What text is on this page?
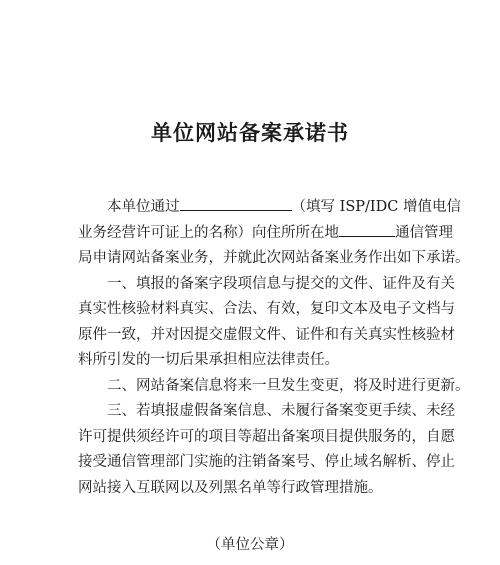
单位网站备案承诺书

本单位通过	（填写 ISP/IDC 增值电信
业务经营许可证上的名称）向住所所在地	通信管理
局申请网站备案业务，并就此次网站备案业务作出如下承诺。

一、填报的备案字段项信息与提交的文件、证件及有关
真实性核验材料真实、合法、有效，复印文本及电子文档与
原件一致，并对因提交虚假文件、证件和有关真实性核验材
料所引发的一切后果承担相应法律责任。

二、网站备案信息将来一旦发生变更，将及时进行更新。

三、若填报虚假备案信息、未履行备案变更手续、未经
许可提供须经许可的项目等超出备案项目提供服务的，自愿
接受通信管理部门实施的注销备案号、停止域名解析、停止
网站接入互联网以及列黑名单等行政管理措施。

（单位公章）
